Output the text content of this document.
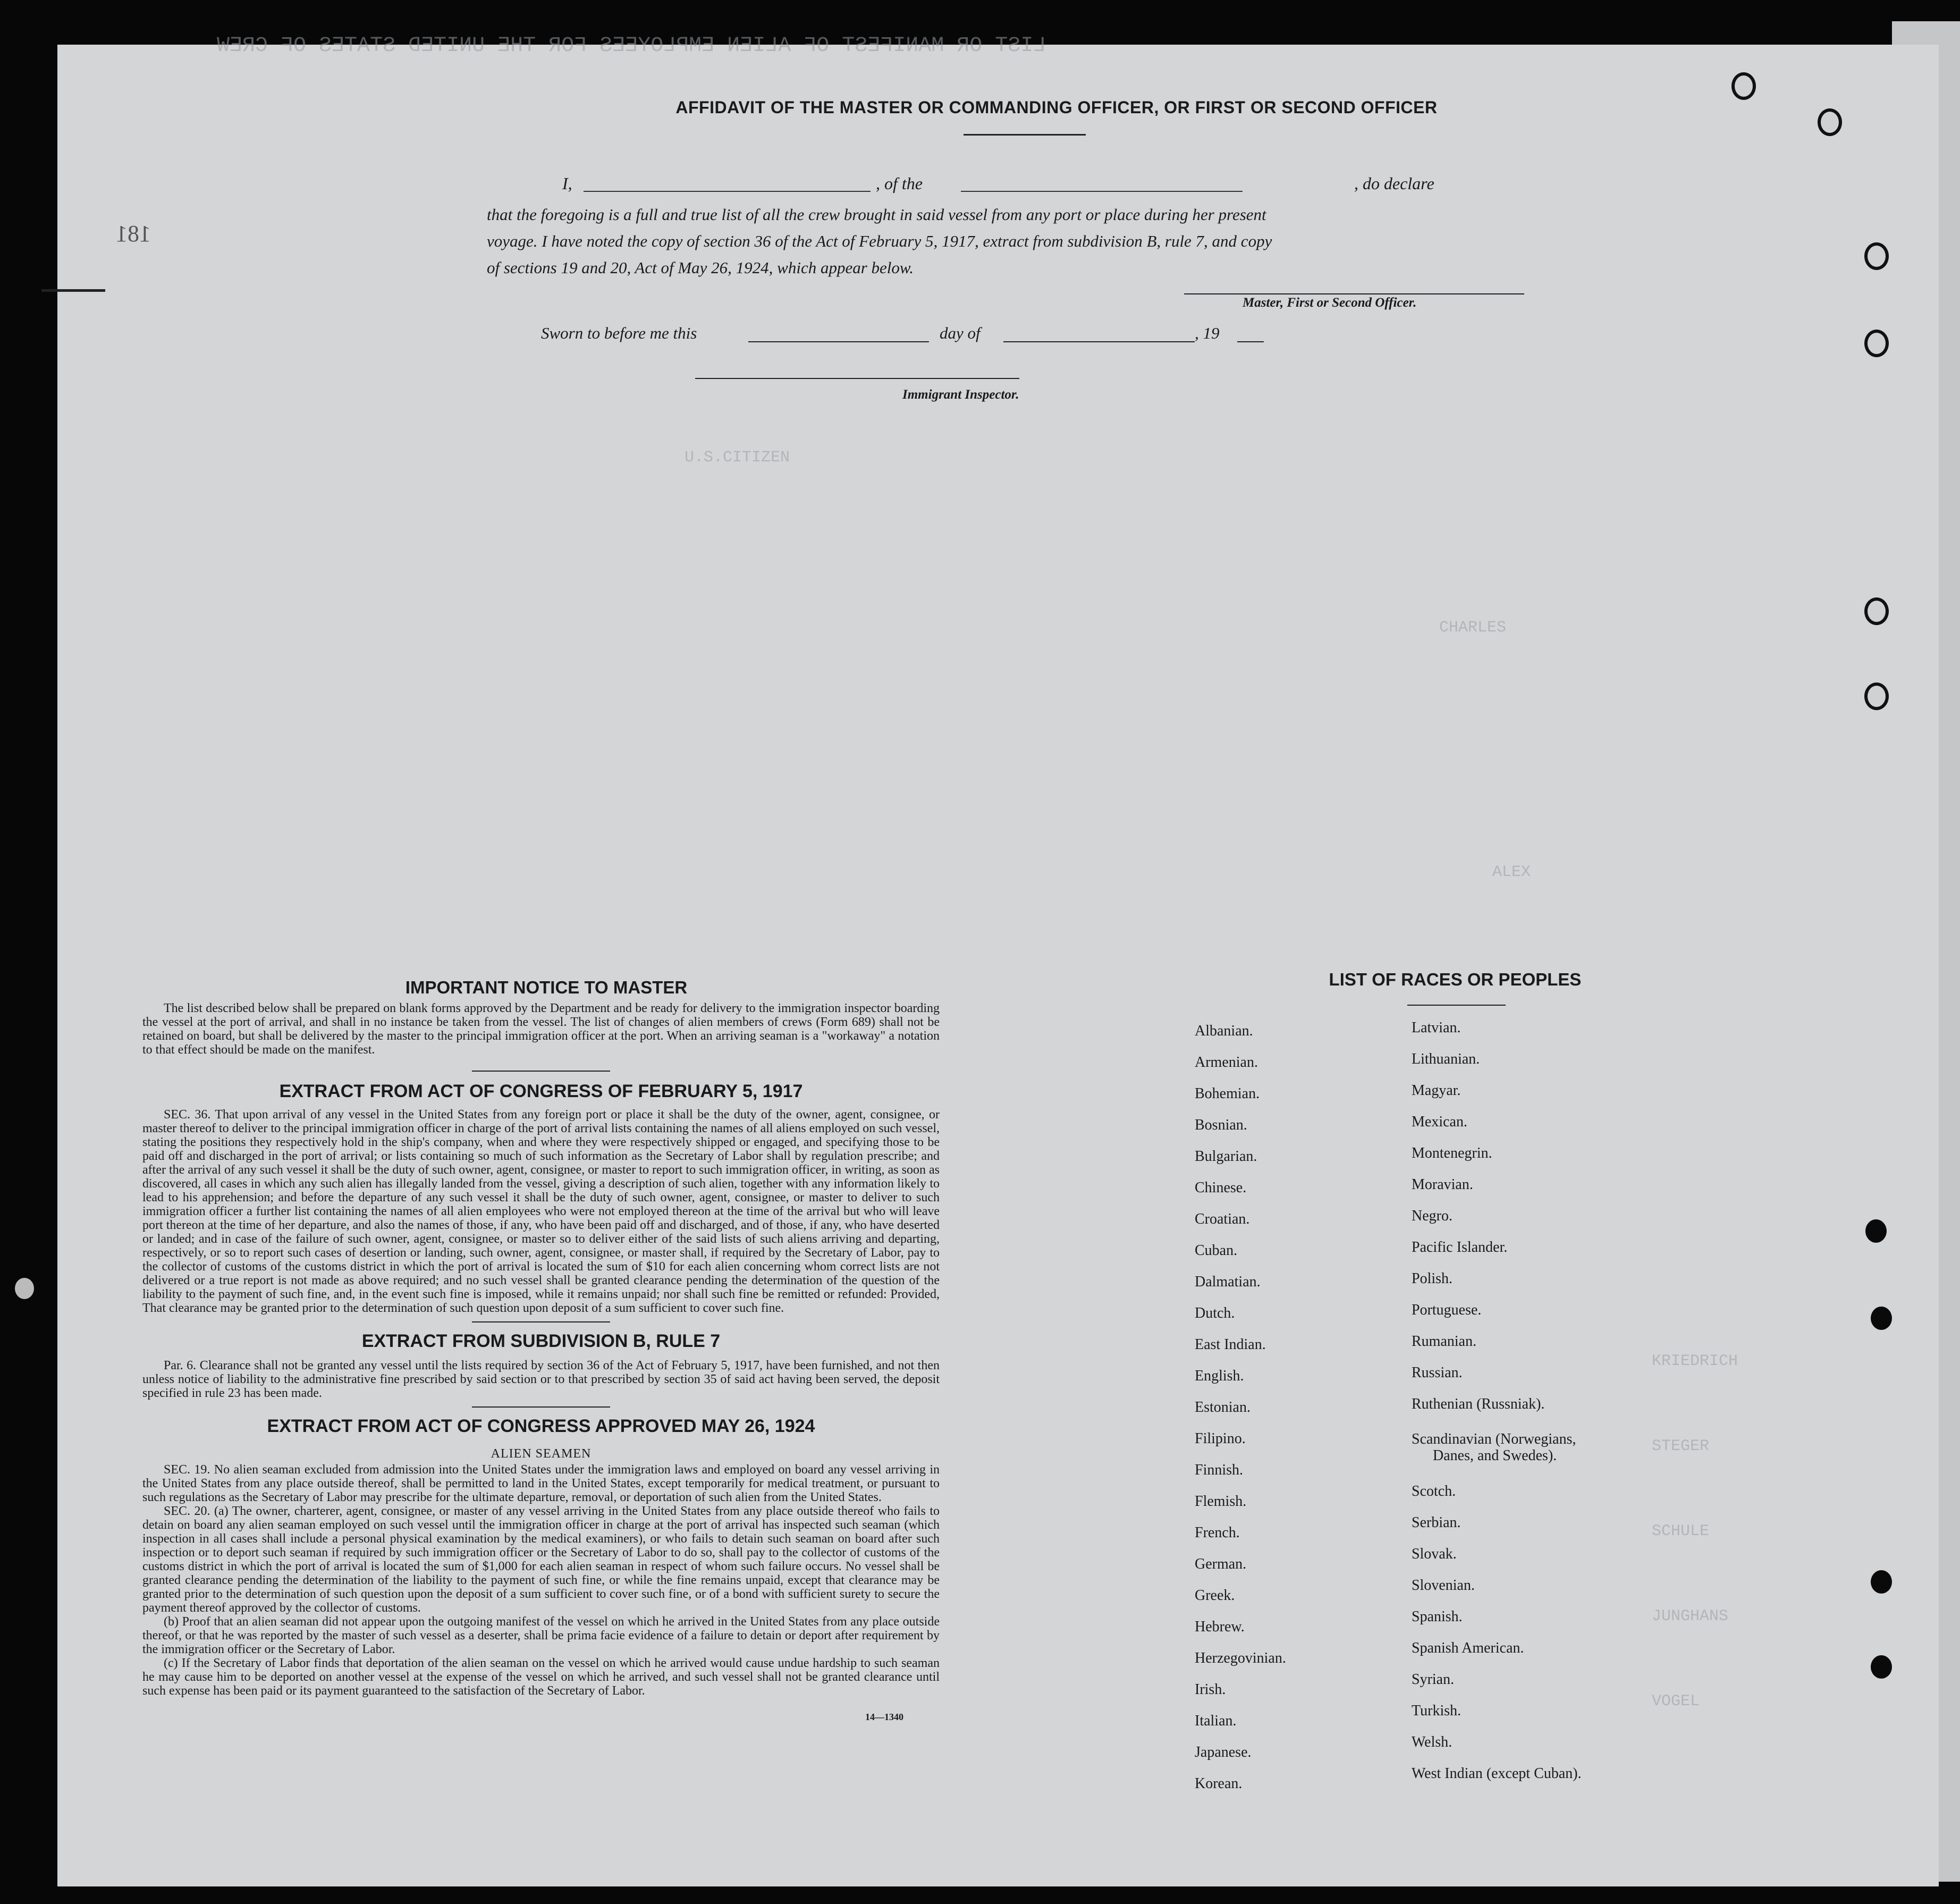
LIST OR MANIFEST OF ALIEN EMPLOYEES FOR THE UNITED STATES OF CREW
U.S.CITIZEN
CHARLES
ALEX
KRIEDRICH
STEGER
SCHULE
JUNGHANS
VOGEL
181
AFFIDAVIT OF THE MASTER OR COMMANDING OFFICER, OR FIRST OR SECOND OFFICER
I,	, of the	, do declare
that the foregoing is a full and true list of all the crew brought in said vessel from any port or place during her present
voyage. I have noted the copy of section 36 of the Act of February 5, 1917, extract from subdivision B, rule 7, and copy
of sections 19 and 20, Act of May 26, 1924, which appear below.
Master, First or Second Officer.
Sworn to before me this	day of	, 19
Immigrant Inspector.
IMPORTANT NOTICE TO MASTER

The list described below shall be prepared on blank forms approved by the Department and be ready for delivery to the immigration inspector boarding the vessel at the port of arrival, and shall in no instance be taken from the vessel. The list of changes of alien members of crews (Form 689) shall not be retained on board, but shall be delivered by the master to the principal immigration officer at the port. When an arriving seaman is a "workaway" a notation to that effect should be made on the manifest.

EXTRACT FROM ACT OF CONGRESS OF FEBRUARY 5, 1917

SEC. 36. That upon arrival of any vessel in the United States from any foreign port or place it shall be the duty of the owner, agent, consignee, or master thereof to deliver to the principal immigration officer in charge of the port of arrival lists containing the names of all aliens employed on such vessel, stating the positions they respectively hold in the ship's company, when and where they were respectively shipped or engaged, and specifying those to be paid off and discharged in the port of arrival; or lists containing so much of such information as the Secretary of Labor shall by regulation prescribe; and after the arrival of any such vessel it shall be the duty of such owner, agent, consignee, or master to report to such immigration officer, in writing, as soon as discovered, all cases in which any such alien has illegally landed from the vessel, giving a description of such alien, together with any information likely to lead to his apprehension; and before the departure of any such vessel it shall be the duty of such owner, agent, consignee, or master to deliver to such immigration officer a further list containing the names of all alien employees who were not employed thereon at the time of the arrival but who will leave port thereon at the time of her departure, and also the names of those, if any, who have been paid off and discharged, and of those, if any, who have deserted or landed; and in case of the failure of such owner, agent, consignee, or master so to deliver either of the said lists of such aliens arriving and departing, respectively, or so to report such cases of desertion or landing, such owner, agent, consignee, or master shall, if required by the Secretary of Labor, pay to the collector of customs of the customs district in which the port of arrival is located the sum of $10 for each alien concerning whom correct lists are not delivered or a true report is not made as above required; and no such vessel shall be granted clearance pending the determination of the question of the liability to the payment of such fine, and, in the event such fine is imposed, while it remains unpaid; nor shall such fine be remitted or refunded: Provided, That clearance may be granted prior to the determination of such question upon deposit of a sum sufficient to cover such fine.

EXTRACT FROM SUBDIVISION B, RULE 7

Par. 6. Clearance shall not be granted any vessel until the lists required by section 36 of the Act of February 5, 1917, have been furnished, and not then unless notice of liability to the administrative fine prescribed by said section or to that prescribed by section 35 of said act having been served, the deposit specified in rule 23 has been made.

EXTRACT FROM ACT OF CONGRESS APPROVED MAY 26, 1924
ALIEN SEAMEN

SEC. 19. No alien seaman excluded from admission into the United States under the immigration laws and employed on board any vessel arriving in the United States from any place outside thereof, shall be permitted to land in the United States, except temporarily for medical treatment, or pursuant to such regulations as the Secretary of Labor may prescribe for the ultimate departure, removal, or deportation of such alien from the United States.

SEC. 20. (a) The owner, charterer, agent, consignee, or master of any vessel arriving in the United States from any place outside thereof who fails to detain on board any alien seaman employed on such vessel until the immigration officer in charge at the port of arrival has inspected such seaman (which inspection in all cases shall include a personal physical examination by the medical examiners), or who fails to detain such seaman on board after such inspection or to deport such seaman if required by such immigration officer or the Secretary of Labor to do so, shall pay to the collector of customs of the customs district in which the port of arrival is located the sum of $1,000 for each alien seaman in respect of whom such failure occurs. No vessel shall be granted clearance pending the determination of the liability to the payment of such fine, or while the fine remains unpaid, except that clearance may be granted prior to the determination of such question upon the deposit of a sum sufficient to cover such fine, or of a bond with sufficient surety to secure the payment thereof approved by the collector of customs.

(b) Proof that an alien seaman did not appear upon the outgoing manifest of the vessel on which he arrived in the United States from any place outside thereof, or that he was reported by the master of such vessel as a deserter, shall be prima facie evidence of a failure to detain or deport after requirement by the immigration officer or the Secretary of Labor.

(c) If the Secretary of Labor finds that deportation of the alien seaman on the vessel on which he arrived would cause undue hardship to such seaman he may cause him to be deported on another vessel at the expense of the vessel on which he arrived, and such vessel shall not be granted clearance until such expense has been paid or its payment guaranteed to the satisfaction of the Secretary of Labor.

14—1340
LIST OF RACES OR PEOPLES
Albanian.
Armenian.
Bohemian.
Bosnian.
Bulgarian.
Chinese.
Croatian.
Cuban.
Dalmatian.
Dutch.
East Indian.
English.
Estonian.
Filipino.
Finnish.
Flemish.
French.
German.
Greek.
Hebrew.
Herzegovinian.
Irish.
Italian.
Japanese.
Korean.
Latvian.
Lithuanian.
Magyar.
Mexican.
Montenegrin.
Moravian.
Negro.
Pacific Islander.
Polish.
Portuguese.
Rumanian.
Russian.
Ruthenian (Russniak).
Scandinavian (Norwegians,
Danes, and Swedes).
Scotch.
Serbian.
Slovak.
Slovenian.
Spanish.
Spanish American.
Syrian.
Turkish.
Welsh.
West Indian (except Cuban).
